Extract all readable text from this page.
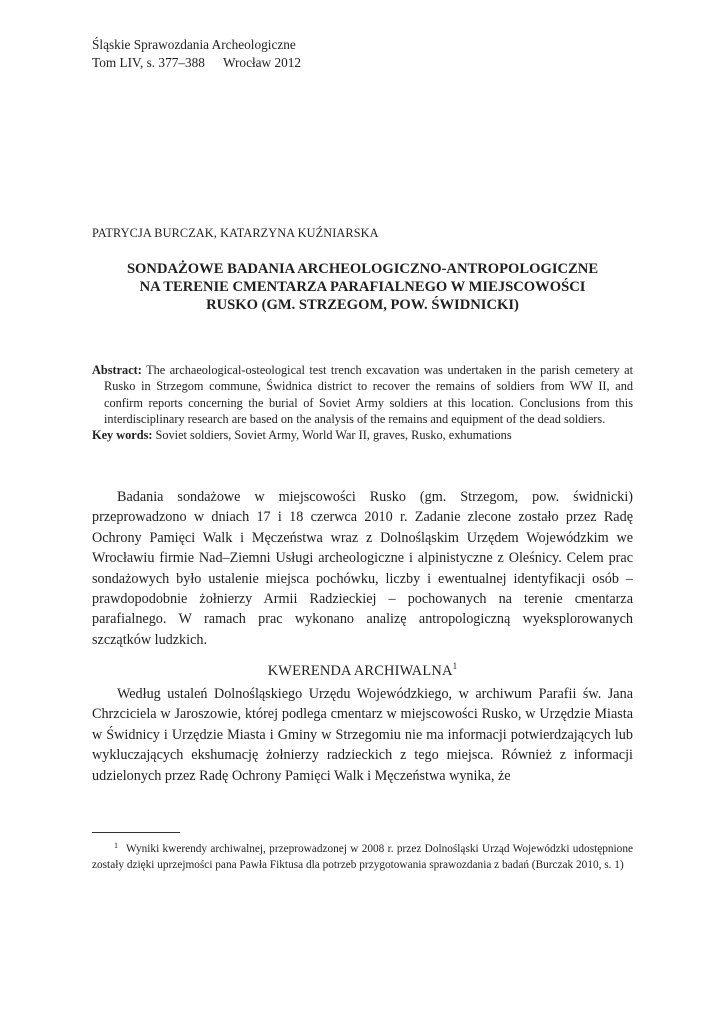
Śląskie Sprawozdania Archeologiczne
Tom LIV, s. 377–388 Wrocław 2012
PATRYCJA BURCZAK, KATARZYNA KUŹNIARSKA
SONDAŻOWE BADANIA ARCHEOLOGICZNO-ANTROPOLOGICZNE
NA TERENIE CMENTARZA PARAFIALNEGO W MIEJSCOWOŚCI
RUSKO (GM. STRZEGOM, POW. ŚWIDNICKI)

Abstract: The archaeological-osteological test trench excavation was undertaken in the parish cemetery at Rusko in Strzegom commune, Świdnica district to recover the remains of soldiers from WW II, and confirm reports concerning the burial of Soviet Army soldiers at this location. Conclusions from this interdisciplinary research are based on the analysis of the remains and equipment of the dead soldiers.

Key words: Soviet soldiers, Soviet Army, World War II, graves, Rusko, exhumations

Badania sondażowe w miejscowości Rusko (gm. Strzegom, pow. świdnicki) przeprowadzono w dniach 17 i 18 czerwca 2010 r. Zadanie zlecone zostało przez Radę Ochrony Pamięci Walk i Męczeństwa wraz z Dolnośląskim Urzędem Wojewódzkim we Wrocławiu firmie Nad–Ziemni Usługi archeologiczne i alpinistyczne z Oleśnicy. Celem prac sondażowych było ustalenie miejsca pochówku, liczby i ewentualnej identyfikacji osób – prawdopodobnie żołnierzy Armii Radzieckiej – pochowanych na terenie cmentarza parafialnego. W ramach prac wykonano analizę antropologiczną wyeksplorowanych szczątków ludzkich.

KWERENDA ARCHIWALNA$^1$

Według ustaleń Dolnośląskiego Urzędu Wojewódzkiego, w archiwum Parafii św. Jana Chrzciciela w Jaroszowie, której podlega cmentarz w miejscowości Rusko, w Urzędzie Miasta w Świdnicy i Urzędzie Miasta i Gminy w Strzegomiu nie ma informacji potwierdzających lub wykluczających ekshumację żołnierzy radzieckich z tego miejsca. Również z informacji udzielonych przez Radę Ochrony Pamięci Walk i Męczeństwa wynika, że

$^1$ Wyniki kwerendy archiwalnej, przeprowadzonej w 2008 r. przez Dolnośląski Urząd Wojewódzki udostępnione zostały dzięki uprzejmości pana Pawła Fiktusa dla potrzeb przygotowania sprawozdania z badań (Burczak 2010, s. 1)
